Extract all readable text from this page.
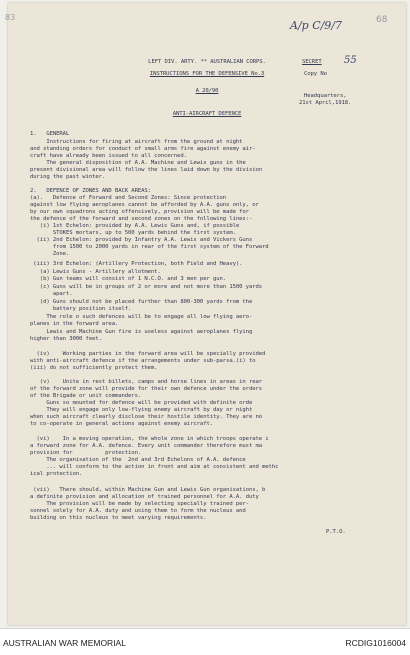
83	68
A/p C/9/7
55

LEFT DIV. ARTY. ** AUSTRALIAN CORPS.	SECRET

INSTRUCTIONS FOR THE DEFENSIVE No.3	Copy No

A 20/90

Headquarters,

21st April,1918.

ANTI-AIRCRAFT DEFENCE

1.   GENERAL

Instructions for firing at aircraft from the ground at night

and standing orders for conduct of small arms fire against enemy air-

craft have already been issued to all concerned.

The general disposition of A.A. Machine and Lewis guns in the

present divisional area will follow the lines laid down by the division

during the past winter.

2.   DEFENCE OF ZONES AND BACK AREAS:

(a).   Defence of Forward and Second Zones: Since protection

against low flying aeroplanes cannot be afforded by A.A. guns only, or

by our own squadrons acting offensively, provision will be made for

the defence of the forward and second zones on the following lines:-

(i) 1st Echelon: provided by A.A. Lewis Guns and, if possible

STOKES mortars, up to 500 yards behind the first system.

(ii) 2nd Echelon: provided by Infantry A.A. Lewis and Vickers Guns

from 1500 to 2000 yards in rear of the first system of the Forward

Zone.

(iii) 3rd Echelon: (Artillery Protection, both Field and Heavy).

(a) Lewis Guns - Artillery allotment.

(b) Gun teams will consist of 1 N.C.O. and 3 men per gun.

(c) Guns will be in groups of 2 or more and not more than 1500 yards

apart.

(d) Guns should not be placed further than 800-300 yards from the

battery position itself.

The role o such defences will be to engage all low flying aero-

planes in the forward area.

Lewis and Machine Gun fire is useless against aeroplanes flying

higher than 3000 feet.

(iv)    Working parties in the forward area will be specially provided

with anti-aircraft defence if the arrangements under sub-parsa.(i) to

(iii) do not sufficiently protect them.

(v)    Unite in rest billets, camps and horse lines in areas in rear

of the forward zone will provide for their own defence under the orders

of the Brigade or unit commanders.

Guns so mounted for defence will be provided with definite orde

They will engage only low-flying enemy aircraft by day or night

when such aircraft clearly disclose their hostile identity. They are no

to co-operate in general actions against enemy aircraft.

(vi)    In a moving operation, the whole zone in which troops operate i

a forward zone for A.A. defence. Every unit commander therefore must ma

provision for          protection.

The organisation of the  2nd and 3rd Echelons of A.A. defence

... will conform to the action in front and aim at consistent and methc

ical protection.

(vii)   There should, within Machine Gun and Lewis Gun organisations, b

a definite provision and allocation of trained personnel for A.A. duty

The provision will be made by selecting specially trained per-

sonnel solely for A.A. duty and using them to form the nucleus and

building on this nucleus to meet varying requirements.

P.T.O.

AUSTRALIAN WAR MEMORIAL	RCDIG1016004
